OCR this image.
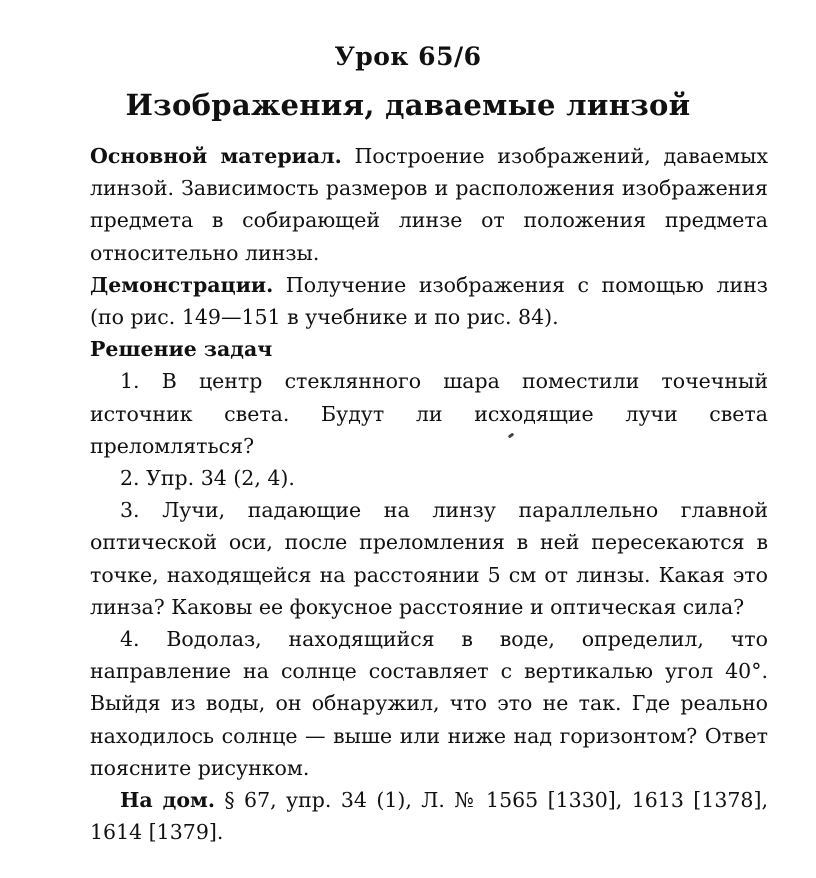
Урок 65/6
Изображения, даваемые линзой

Основной материал. Построение изображений, даваемых линзой. Зависимость размеров и расположения изображения предмета в собирающей линзе от положения предмета относительно линзы.

Демонстрации. Получение изображения с помощью линз (по рис. 149—151 в учебнике и по рис. 84).

Решение задач

1. В центр стеклянного шара поместили точечный источник света. Будут ли исходящие лучи света преломляться?

2. Упр. 34 (2, 4).

3. Лучи, падающие на линзу параллельно главной оптической оси, после преломления в ней пересекаются в точке, находящейся на расстоянии 5 см от линзы. Какая это линза? Каковы ее фокусное расстояние и оптическая сила?

4. Водолаз, находящийся в воде, определил, что направление на солнце составляет с вертикалью угол 40°. Выйдя из воды, он обнаружил, что это не так. Где реально находилось солнце — выше или ниже над горизонтом? Ответ поясните рисунком.

На дом. § 67, упр. 34 (1), Л. № 1565 [1330], 1613 [1378], 1614 [1379].
